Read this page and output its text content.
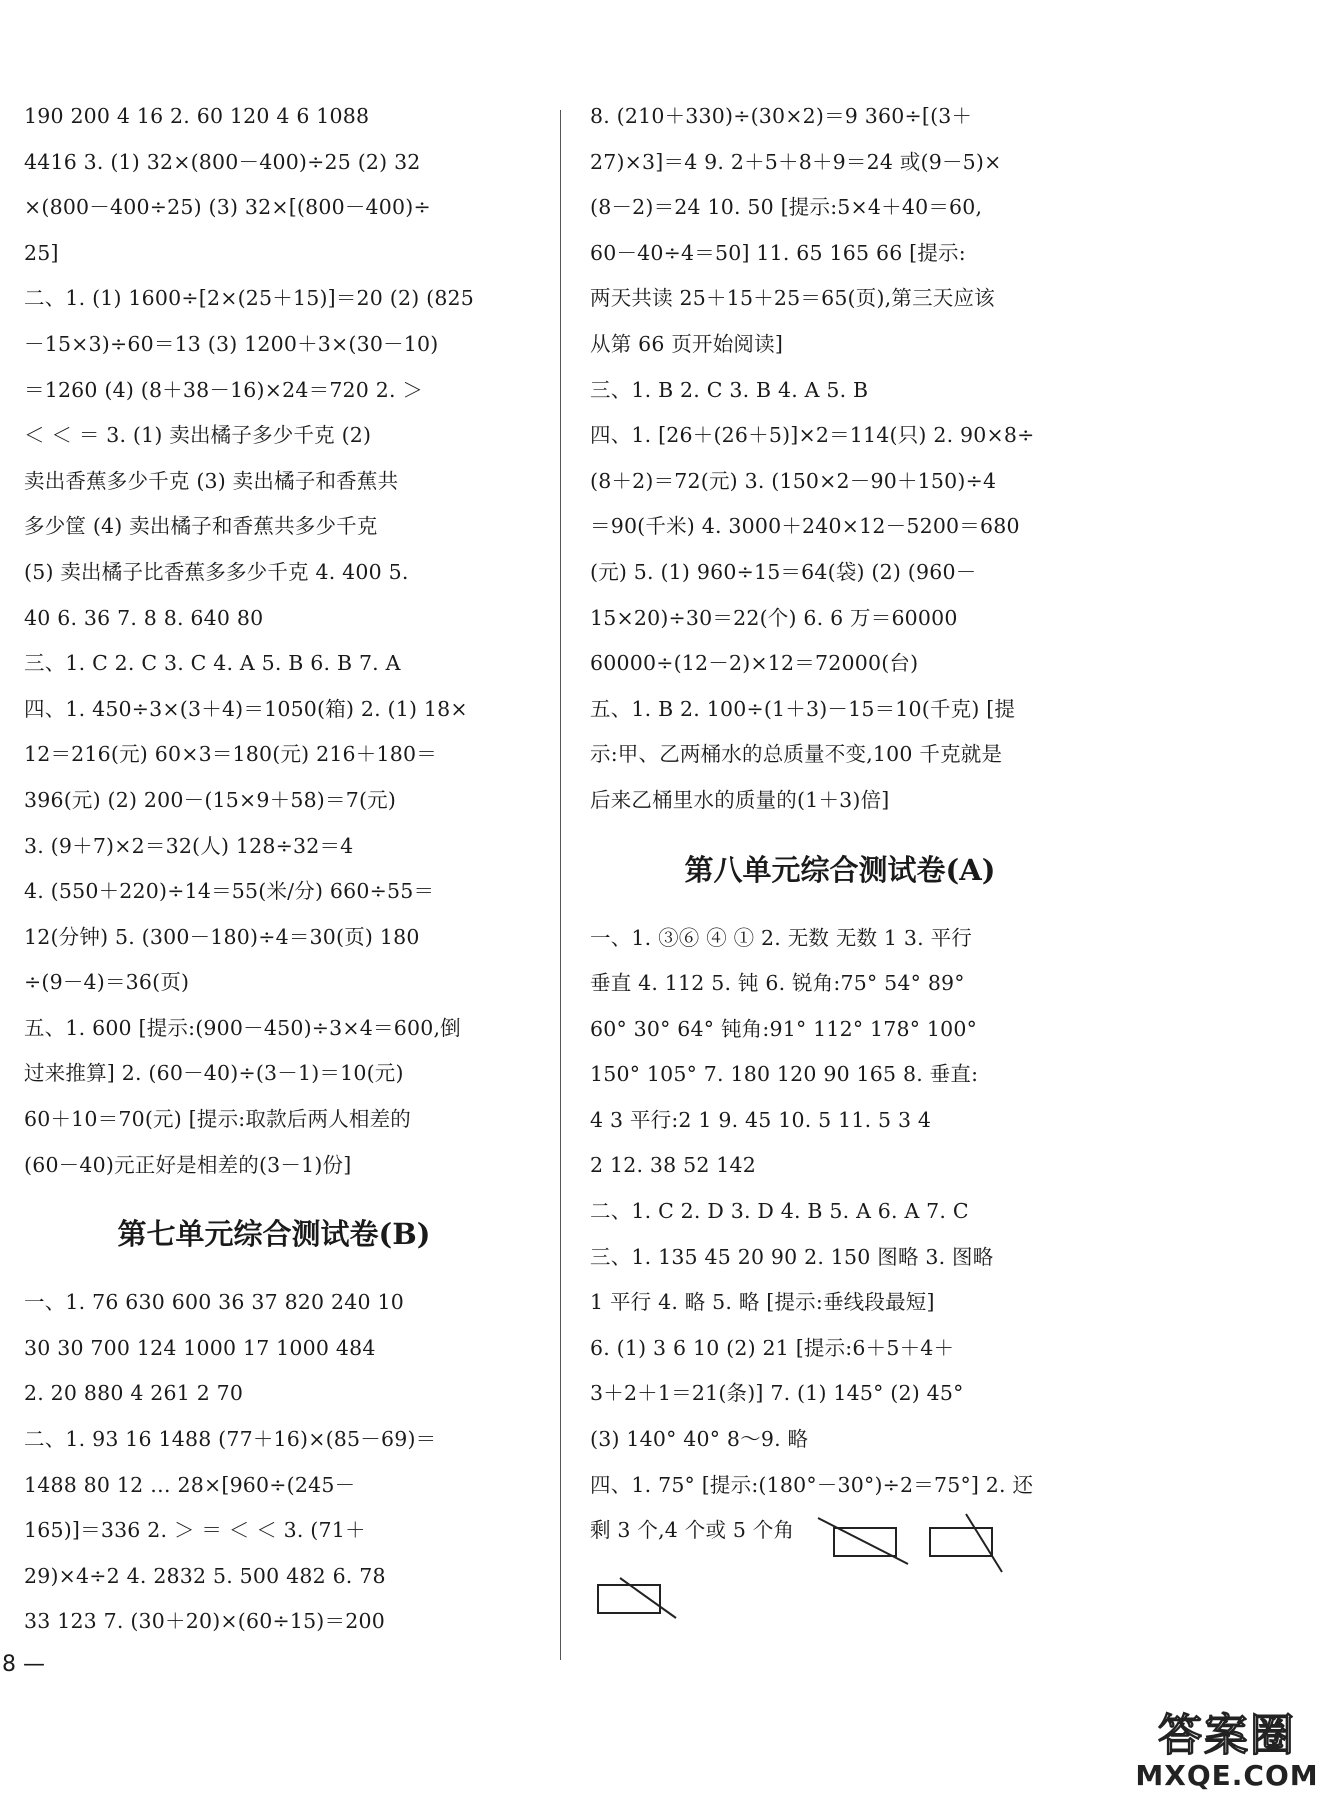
190 200 4 16 2. 60 120 4 6 1088
4416 3. (1) 32×(800－400)÷25 (2) 32
×(800－400÷25) (3) 32×[(800－400)÷
25]
二、1. (1) 1600÷[2×(25＋15)]＝20 (2) (825
－15×3)÷60＝13 (3) 1200＋3×(30－10)
＝1260 (4) (8＋38－16)×24＝720 2. ＞
＜ ＜ ＝ 3. (1) 卖出橘子多少千克 (2)
卖出香蕉多少千克 (3) 卖出橘子和香蕉共
多少筐 (4) 卖出橘子和香蕉共多少千克
(5) 卖出橘子比香蕉多多少千克 4. 400 5.
40 6. 36 7. 8 8. 640 80
三、1. C 2. C 3. C 4. A 5. B 6. B 7. A
四、1. 450÷3×(3＋4)＝1050(箱) 2. (1) 18×
12＝216(元) 60×3＝180(元) 216＋180＝
396(元) (2) 200－(15×9＋58)＝7(元)
3. (9＋7)×2＝32(人) 128÷32＝4
4. (550＋220)÷14＝55(米/分) 660÷55＝
12(分钟) 5. (300－180)÷4＝30(页) 180
÷(9－4)＝36(页)
五、1. 600 [提示:(900－450)÷3×4＝600,倒
过来推算] 2. (60－40)÷(3－1)＝10(元)
60＋10＝70(元) [提示:取款后两人相差的
(60－40)元正好是相差的(3－1)份]
第七单元综合测试卷(B)
一、1. 76 630 600 36 37 820 240 10
30 30 700 124 1000 17 1000 484
2. 20 880 4 261 2 70
二、1. 93 16 1488 (77＋16)×(85－69)＝
1488 80 12 … 28×[960÷(245－
165)]＝336 2. ＞ ＝ ＜ ＜ 3. (71＋
29)×4÷2 4. 2832 5. 500 482 6. 78
33 123 7. (30＋20)×(60÷15)＝200
8. (210＋330)÷(30×2)＝9 360÷[(3＋
27)×3]＝4 9. 2＋5＋8＋9＝24 或(9－5)×
(8－2)＝24 10. 50 [提示:5×4＋40＝60,
60－40÷4＝50] 11. 65 165 66 [提示:
两天共读 25＋15＋25＝65(页),第三天应该
从第 66 页开始阅读]
三、1. B 2. C 3. B 4. A 5. B
四、1. [26＋(26＋5)]×2＝114(只) 2. 90×8÷
(8＋2)＝72(元) 3. (150×2－90＋150)÷4
＝90(千米) 4. 3000＋240×12－5200＝680
(元) 5. (1) 960÷15＝64(袋) (2) (960－
15×20)÷30＝22(个) 6. 6 万＝60000
60000÷(12－2)×12＝72000(台)
五、1. B 2. 100÷(1＋3)－15＝10(千克) [提
示:甲、乙两桶水的总质量不变,100 千克就是
后来乙桶里水的质量的(1＋3)倍]
第八单元综合测试卷(A)
一、1. ③⑥ ④ ① 2. 无数 无数 1 3. 平行
垂直 4. 112 5. 钝 6. 锐角:75° 54° 89°
60° 30° 64° 钝角:91° 112° 178° 100°
150° 105° 7. 180 120 90 165 8. 垂直:
4 3 平行:2 1 9. 45 10. 5 11. 5 3 4
2 12. 38 52 142
二、1. C 2. D 3. D 4. B 5. A 6. A 7. C
三、1. 135 45 20 90 2. 150 图略 3. 图略
1 平行 4. 略 5. 略 [提示:垂线段最短]
6. (1) 3 6 10 (2) 21 [提示:6＋5＋4＋
3＋2＋1＝21(条)] 7. (1) 145° (2) 45°
(3) 140° 40° 8～9. 略
四、1. 75° [提示:(180°－30°)÷2＝75°] 2. 还
剩 3 个,4 个或 5 个角
8 —
答案圈
MXQE.COM
